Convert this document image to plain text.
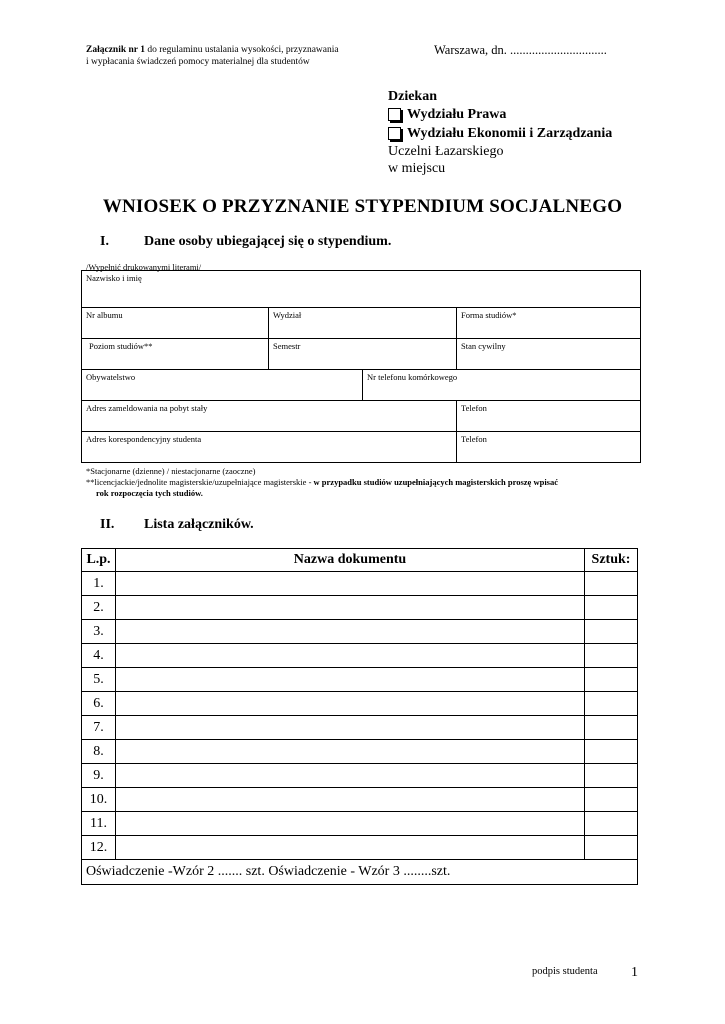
Załącznik nr 1 do regulaminu ustalania wysokości, przyznawania
i wypłacania świadczeń pomocy materialnej dla studentów
Warszawa, dn. ...............................
Dziekan
Wydziału Prawa
Wydziału Ekonomii i Zarządzania
Uczelni Łazarskiego
w miejscu
WNIOSEK O PRZYZNANIE STYPENDIUM SOCJALNEGO
I.	Dane osoby ubiegającej się o stypendium.
/Wypełnić drukowanymi literami/
Nazwisko i imię			

Nr albumu	Wydział		Forma studiów*

Poziom studiów**	Semestr		Stan cywilny

Obywatelstwo		Nr telefonu komórkowego	

Adres zameldowania na pobyt stały			Telefon

Adres korespondencyjny studenta			Telefon
*Stacjonarne (dzienne) / niestacjonarne (zaoczne)
**licencjackie/jednolite magisterskie/uzupełniające magisterskie - w przypadku studiów uzupełniających magisterskich proszę wpisać
rok rozpoczęcia tych studiów.
II. Lista załączników.
L.p.	Nazwa dokumentu	Sztuk:
1.		
2.		
3.		
4.		
5.		
6.		
7.		
8.		
9.		
10.		
11.		
12.		
Oświadczenie -Wzór 2 ....... szt. Oświadczenie - Wzór 3 ........szt.		
podpis studenta 1
